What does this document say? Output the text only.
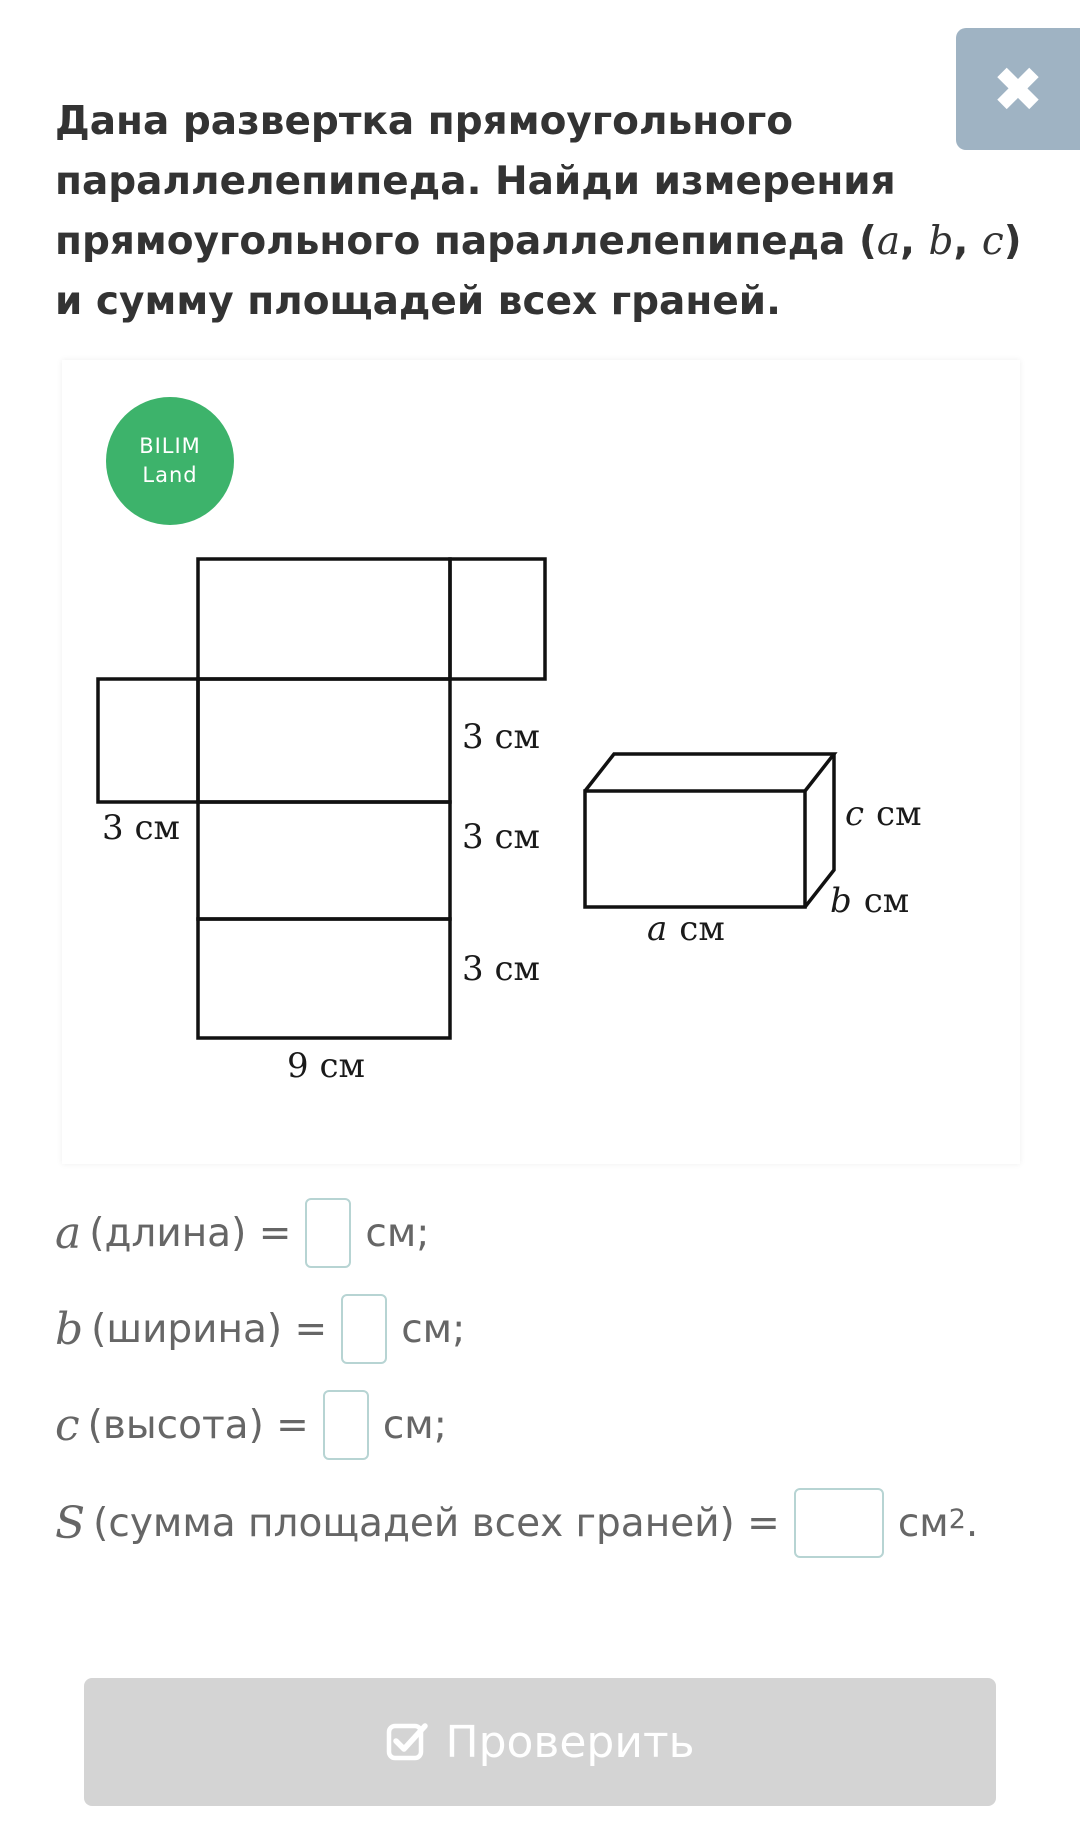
✖
Дана развертка прямоугольного параллелепипеда. Найди измерения прямоугольного параллелепипеда (a, b, c) и сумму площадей всех граней.
BILIM
Land
3 см
3 см	3 см
3 см
9 см
c см
b см
a см
a (длина) = см;
b (ширина) = см;
c (высота) = см;
S (сумма площадей всех граней) =	$см^2$ .
Проверить
